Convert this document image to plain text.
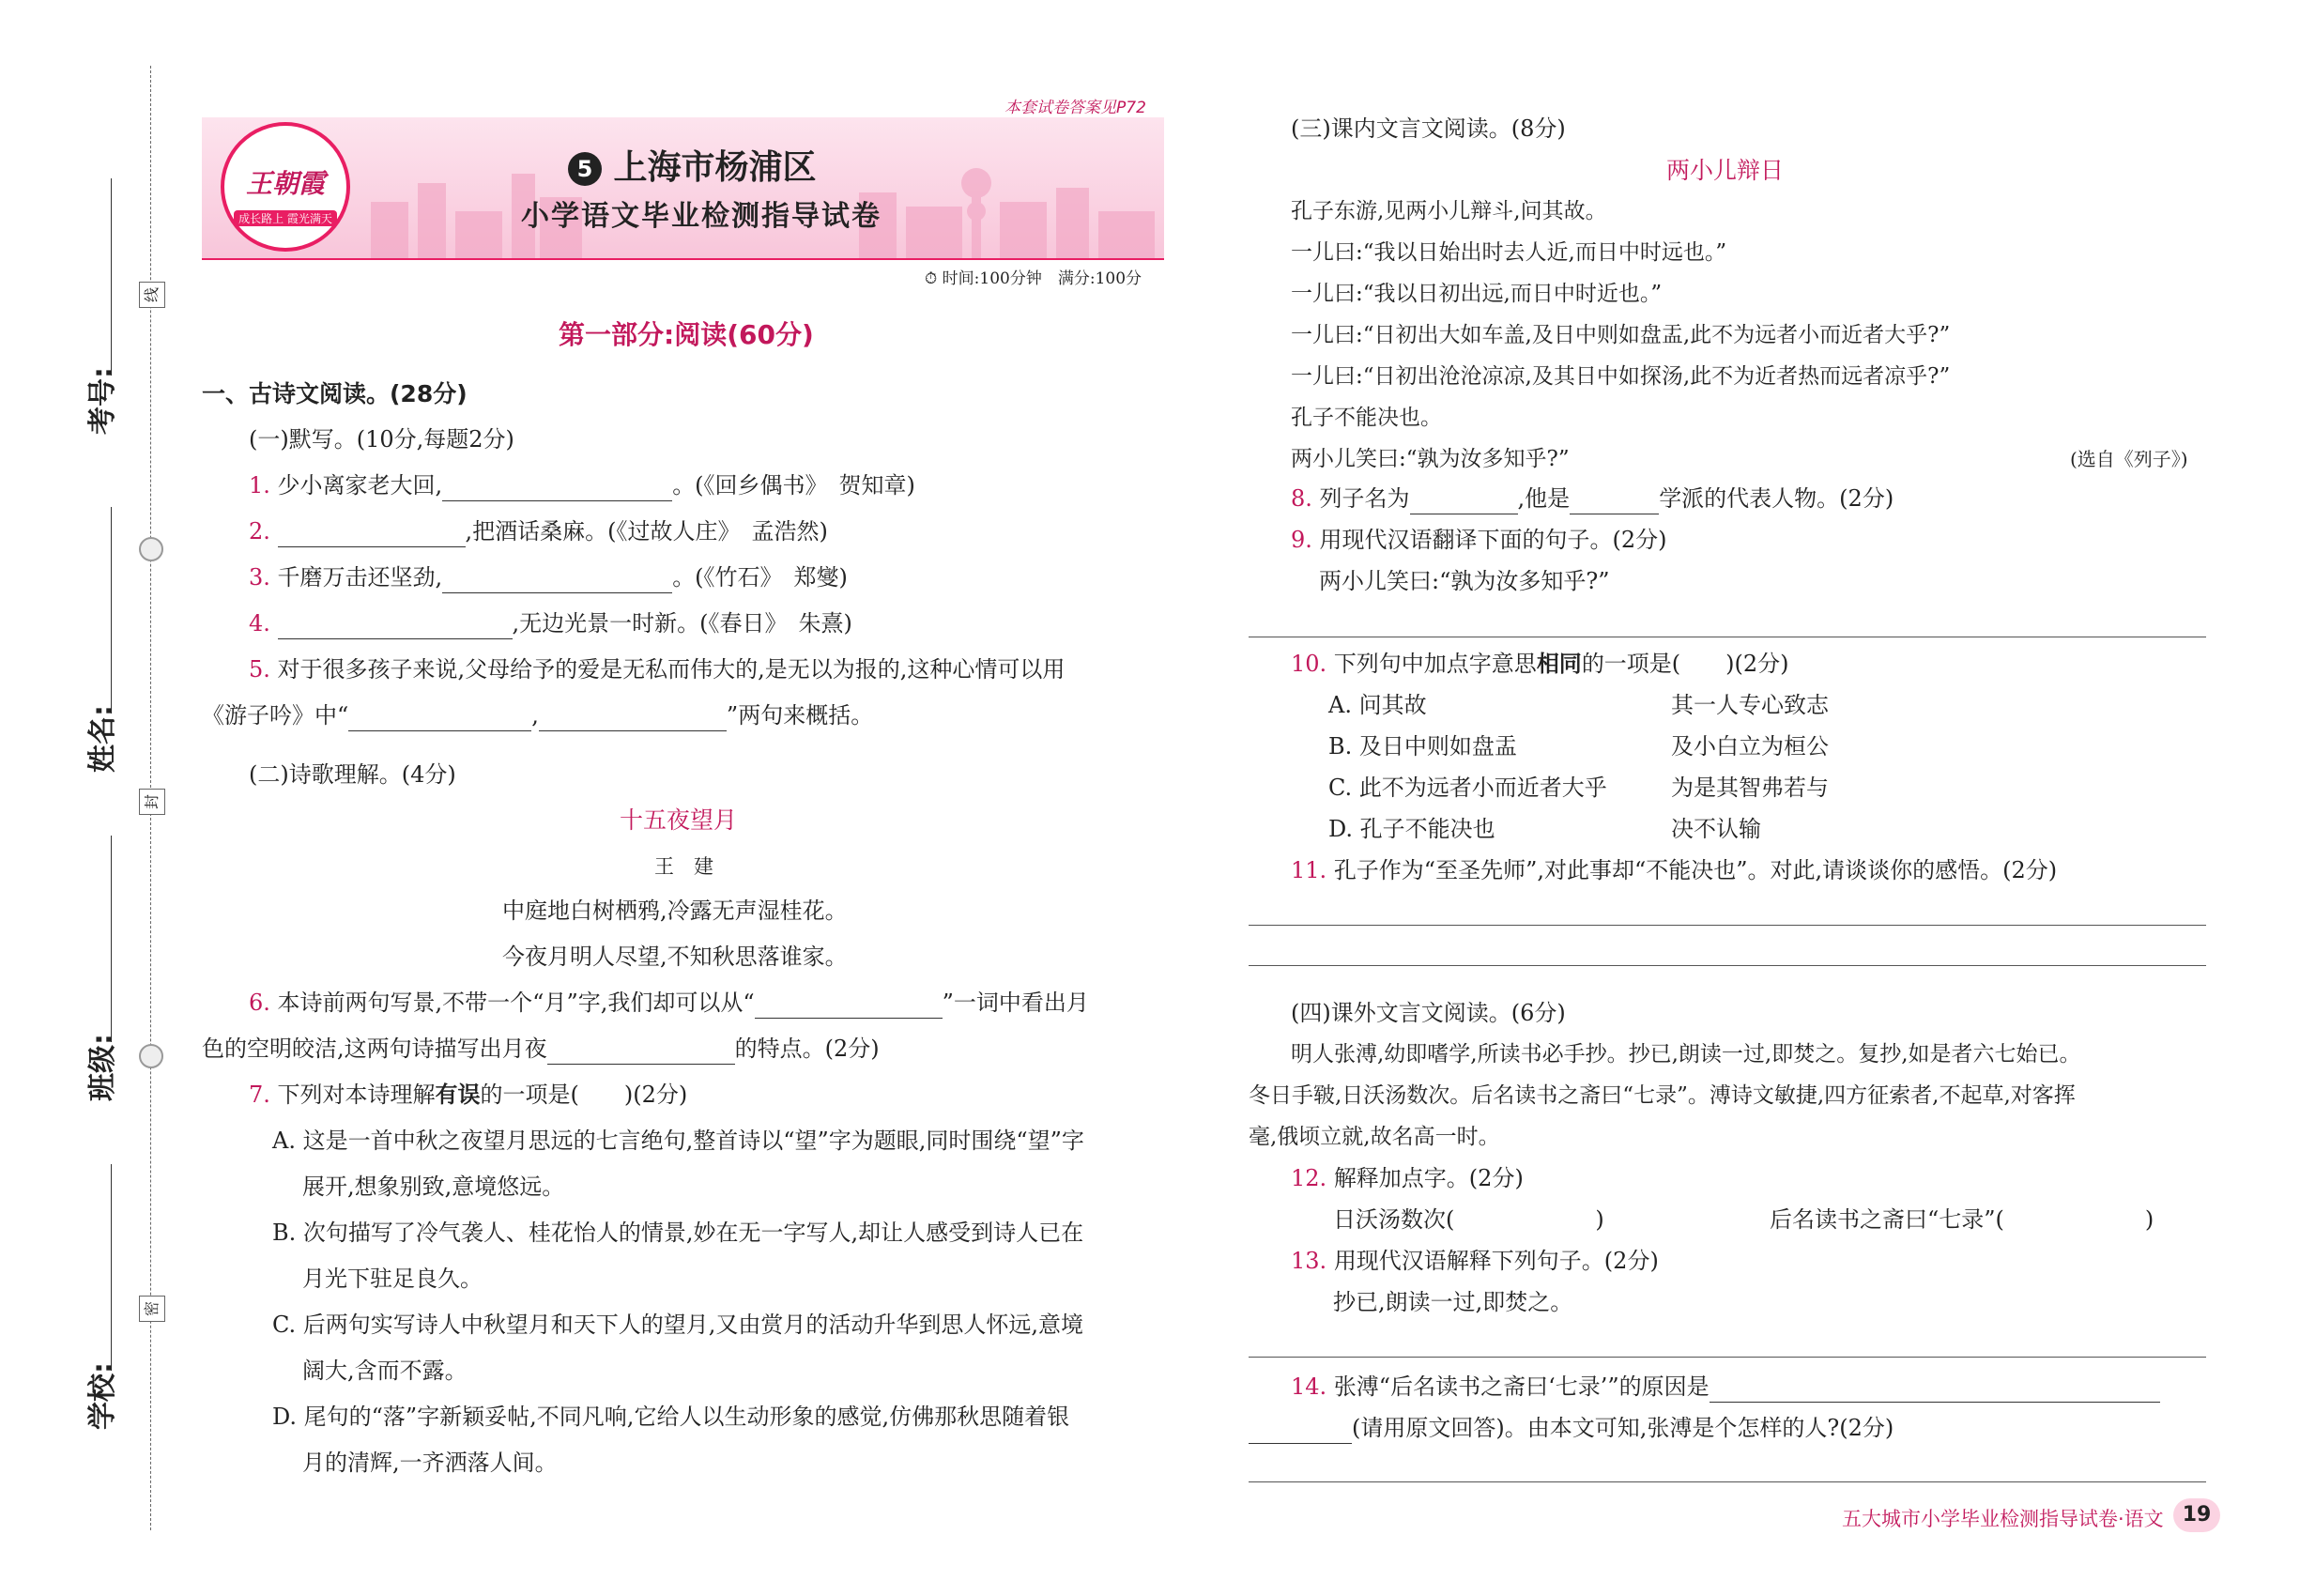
线
封
密
考号:
姓名:
班级:
学校:
本套试卷答案见P72
王朝霞
成长路上 霞光满天
5 上海市杨浦区
小学语文毕业检测指导试卷
⏱ 时间:100分钟　满分:100分
第一部分:阅读(60分)
一、古诗文阅读。(28分)
(一)默写。(10分,每题2分)
1. 少小离家老大回,	。(《回乡偶书》　贺知章)
2.	,把酒话桑麻。(《过故人庄》　孟浩然)
3. 千磨万击还坚劲,	。(《竹石》　郑燮)
4.	,无边光景一时新。(《春日》　朱熹)
5. 对于很多孩子来说,父母给予的爱是无私而伟大的,是无以为报的,这种心情可以用
《游子吟》中“	,	”两句来概括。
(二)诗歌理解。(4分)
十五夜望月
王　建
中庭地白树栖鸦,冷露无声湿桂花。
今夜月明人尽望,不知秋思落谁家。
6. 本诗前两句写景,不带一个“月”字,我们却可以从“	”一词中看出月
色的空明皎洁,这两句诗描写出月夜	的特点。(2分)
7. 下列对本诗理解有误的一项是(　　)(2分)
A. 这是一首中秋之夜望月思远的七言绝句,整首诗以“望”字为题眼,同时围绕“望”字
展开,想象别致,意境悠远。
B. 次句描写了冷气袭人、桂花怡人的情景,妙在无一字写人,却让人感受到诗人已在
月光下驻足良久。
C. 后两句实写诗人中秋望月和天下人的望月,又由赏月的活动升华到思人怀远,意境
阔大,含而不露。
D. 尾句的“落”字新颖妥帖,不同凡响,它给人以生动形象的感觉,仿佛那秋思随着银
月的清辉,一齐洒落人间。
(三)课内文言文阅读。(8分)
两小儿辩日
孔子东游,见两小儿辩斗,问其故。
一儿曰:“我以日始出时去人近,而日中时远也。”
一儿曰:“我以日初出远,而日中时近也。”
一儿曰:“日初出大如车盖,及日中则如盘盂,此不为远者小而近者大乎?”
一儿曰:“日初出沧沧凉凉,及其日中如探汤,此不为近者热而远者凉乎?”
孔子不能决也。
两小儿笑曰:“孰为汝多知乎?”	(选自《列子》)
8. 列子名为	,他是	学派的代表人物。(2分)
9. 用现代汉语翻译下面的句子。(2分)
两小儿笑曰:“孰为汝多知乎?”
10. 下列句中加点字意思相同的一项是(　　)(2分)
A. 问其故	其一人专心致志
B. 及日中则如盘盂	及小白立为桓公
C. 此不为远者小而近者大乎	为是其智弗若与
D. 孔子不能决也	决不认输
11. 孔子作为“至圣先师”,对此事却“不能决也”。对此,请谈谈你的感悟。(2分)
(四)课外文言文阅读。(6分)
明人张溥,幼即嗜学,所读书必手抄。抄已,朗读一过,即焚之。复抄,如是者六七始已。
冬日手皲,日沃汤数次。后名读书之斋曰“七录”。溥诗文敏捷,四方征索者,不起草,对客挥
毫,俄顷立就,故名高一时。
12. 解释加点字。(2分)
日沃汤数次(	)	后名读书之斋曰“七录”(	)
13. 用现代汉语解释下列句子。(2分)
抄已,朗读一过,即焚之。
14. 张溥“后名读书之斋曰‘七录’”的原因是
(请用原文回答)。由本文可知,张溥是个怎样的人?(2分)
五大城市小学毕业检测指导试卷·语文 19
